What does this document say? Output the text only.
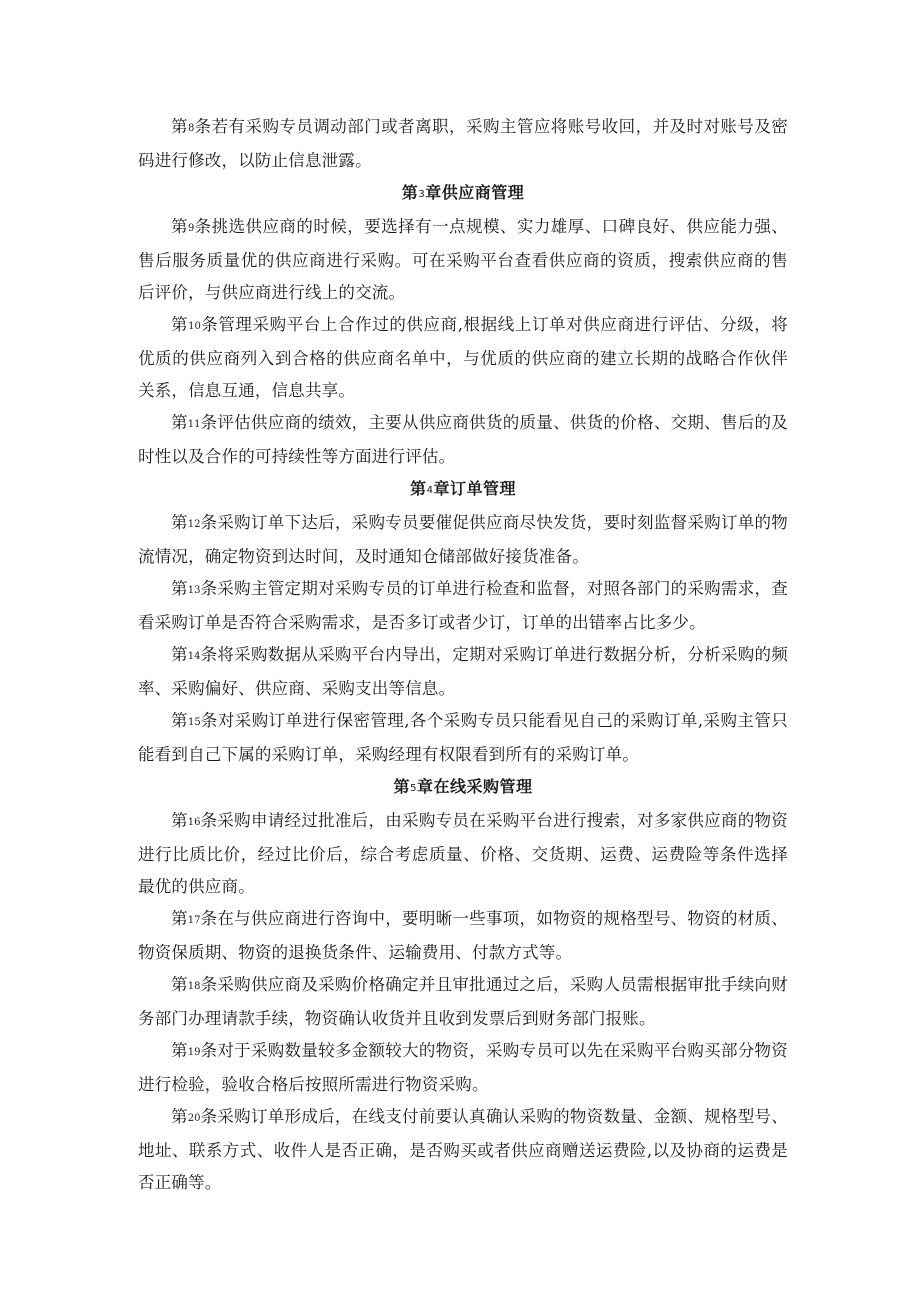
第8条若有采购专员调动部门或者离职，采购主管应将账号收回，并及时对账号及密码进行修改，以防止信息泄露。

第3章供应商管理

第9条挑选供应商的时候，要选择有一点规模、实力雄厚、口碑良好、供应能力强、售后服务质量优的供应商进行采购。可在采购平台查看供应商的资质，搜索供应商的售后评价，与供应商进行线上的交流。

第10条管理采购平台上合作过的供应商,根据线上订单对供应商进行评估、分级，将优质的供应商列入到合格的供应商名单中，与优质的供应商的建立长期的战略合作伙伴关系，信息互通，信息共享。

第11条评估供应商的绩效，主要从供应商供货的质量、供货的价格、交期、售后的及时性以及合作的可持续性等方面进行评估。

第4章订单管理

第12条采购订单下达后，采购专员要催促供应商尽快发货，要时刻监督采购订单的物流情况，确定物资到达时间，及时通知仓储部做好接货准备。

第13条采购主管定期对采购专员的订单进行检查和监督，对照各部门的采购需求，查看采购订单是否符合采购需求，是否多订或者少订，订单的出错率占比多少。

第14条将采购数据从采购平台内导出，定期对采购订单进行数据分析，分析采购的频率、采购偏好、供应商、采购支出等信息。

第15条对采购订单进行保密管理,各个采购专员只能看见自己的采购订单,采购主管只能看到自己下属的采购订单，采购经理有权限看到所有的采购订单。

第5章在线采购管理

第16条采购申请经过批准后，由采购专员在采购平台进行搜索，对多家供应商的物资进行比质比价，经过比价后，综合考虑质量、价格、交货期、运费、运费险等条件选择最优的供应商。

第17条在与供应商进行咨询中，要明晰一些事项，如物资的规格型号、物资的材质、物资保质期、物资的退换货条件、运输费用、付款方式等。

第18条采购供应商及采购价格确定并且审批通过之后，采购人员需根据审批手续向财务部门办理请款手续，物资确认收货并且收到发票后到财务部门报账。

第19条对于采购数量较多金额较大的物资，采购专员可以先在采购平台购买部分物资进行检验，验收合格后按照所需进行物资采购。

第20条采购订单形成后，在线支付前要认真确认采购的物资数量、金额、规格型号、地址、联系方式、收件人是否正确，是否购买或者供应商赠送运费险,以及协商的运费是否正确等。
